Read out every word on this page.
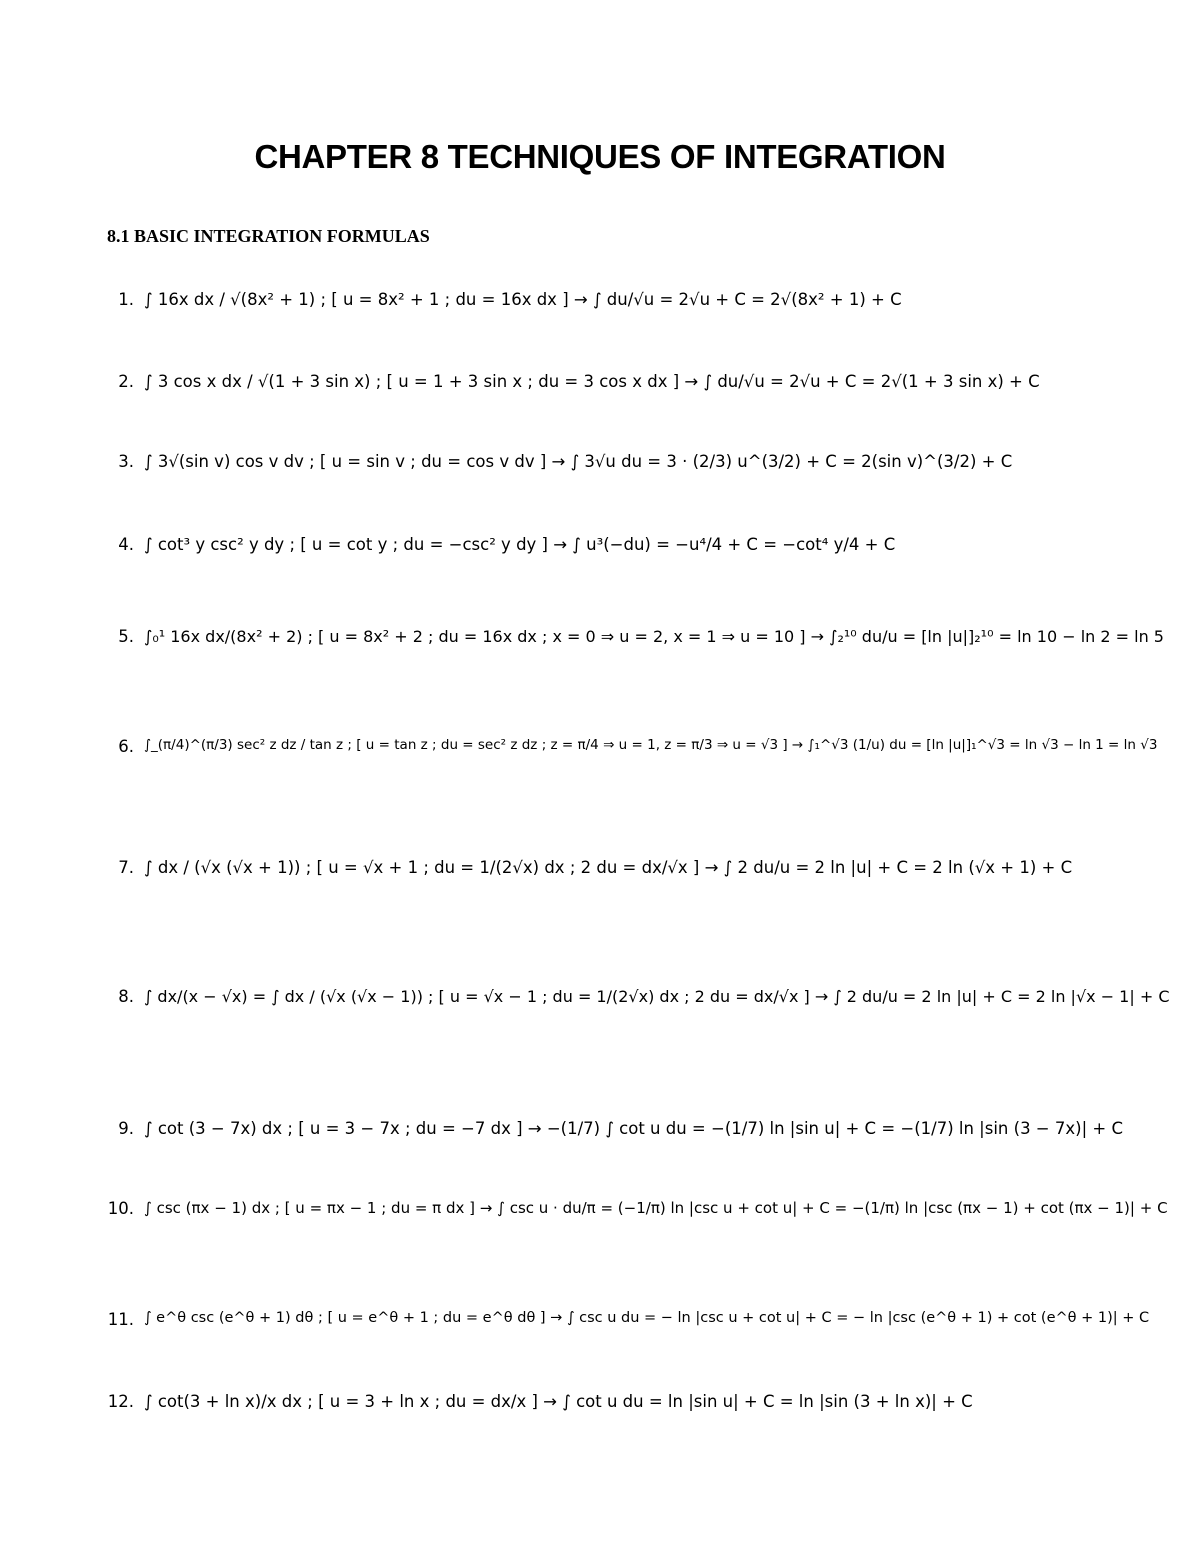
CHAPTER 8 TECHNIQUES OF INTEGRATION
8.1 BASIC INTEGRATION FORMULAS
1. ∫ 16x dx / √(8x² + 1) ; [ u = 8x² + 1 ; du = 16x dx ] → ∫ du/√u = 2√u + C = 2√(8x² + 1) + C
2. ∫ 3 cos x dx / √(1 + 3 sin x) ; [ u = 1 + 3 sin x ; du = 3 cos x dx ] → ∫ du/√u = 2√u + C = 2√(1 + 3 sin x) + C
3. ∫ 3√(sin v) cos v dv ; [ u = sin v ; du = cos v dv ] → ∫ 3√u du = 3 · (2/3) u^(3/2) + C = 2(sin v)^(3/2) + C
4. ∫ cot³ y csc² y dy ; [ u = cot y ; du = −csc² y dy ] → ∫ u³(−du) = −u⁴/4 + C = −cot⁴ y/4 + C
5. ∫₀¹ 16x dx/(8x² + 2) ; [ u = 8x² + 2 ; du = 16x dx ; x = 0 ⇒ u = 2, x = 1 ⇒ u = 10 ] → ∫₂¹⁰ du/u = [ln |u|]₂¹⁰ = ln 10 − ln 2 = ln 5
6. ∫_(π/4)^(π/3) sec² z dz / tan z ; [ u = tan z ; du = sec² z dz ; z = π/4 ⇒ u = 1, z = π/3 ⇒ u = √3 ] → ∫₁^√3 (1/u) du = [ln |u|]₁^√3 = ln √3 − ln 1 = ln √3
7. ∫ dx / (√x (√x + 1)) ; [ u = √x + 1 ; du = 1/(2√x) dx ; 2 du = dx/√x ] → ∫ 2 du/u = 2 ln |u| + C = 2 ln (√x + 1) + C
8. ∫ dx/(x − √x) = ∫ dx / (√x (√x − 1)) ; [ u = √x − 1 ; du = 1/(2√x) dx ; 2 du = dx/√x ] → ∫ 2 du/u = 2 ln |u| + C = 2 ln |√x − 1| + C
9. ∫ cot (3 − 7x) dx ; [ u = 3 − 7x ; du = −7 dx ] → −(1/7) ∫ cot u du = −(1/7) ln |sin u| + C = −(1/7) ln |sin (3 − 7x)| + C
10. ∫ csc (πx − 1) dx ; [ u = πx − 1 ; du = π dx ] → ∫ csc u · du/π = (−1/π) ln |csc u + cot u| + C = −(1/π) ln |csc (πx − 1) + cot (πx − 1)| + C
11. ∫ e^θ csc (e^θ + 1) dθ ; [ u = e^θ + 1 ; du = e^θ dθ ] → ∫ csc u du = − ln |csc u + cot u| + C = − ln |csc (e^θ + 1) + cot (e^θ + 1)| + C
12. ∫ cot(3 + ln x)/x dx ; [ u = 3 + ln x ; du = dx/x ] → ∫ cot u du = ln |sin u| + C = ln |sin (3 + ln x)| + C
